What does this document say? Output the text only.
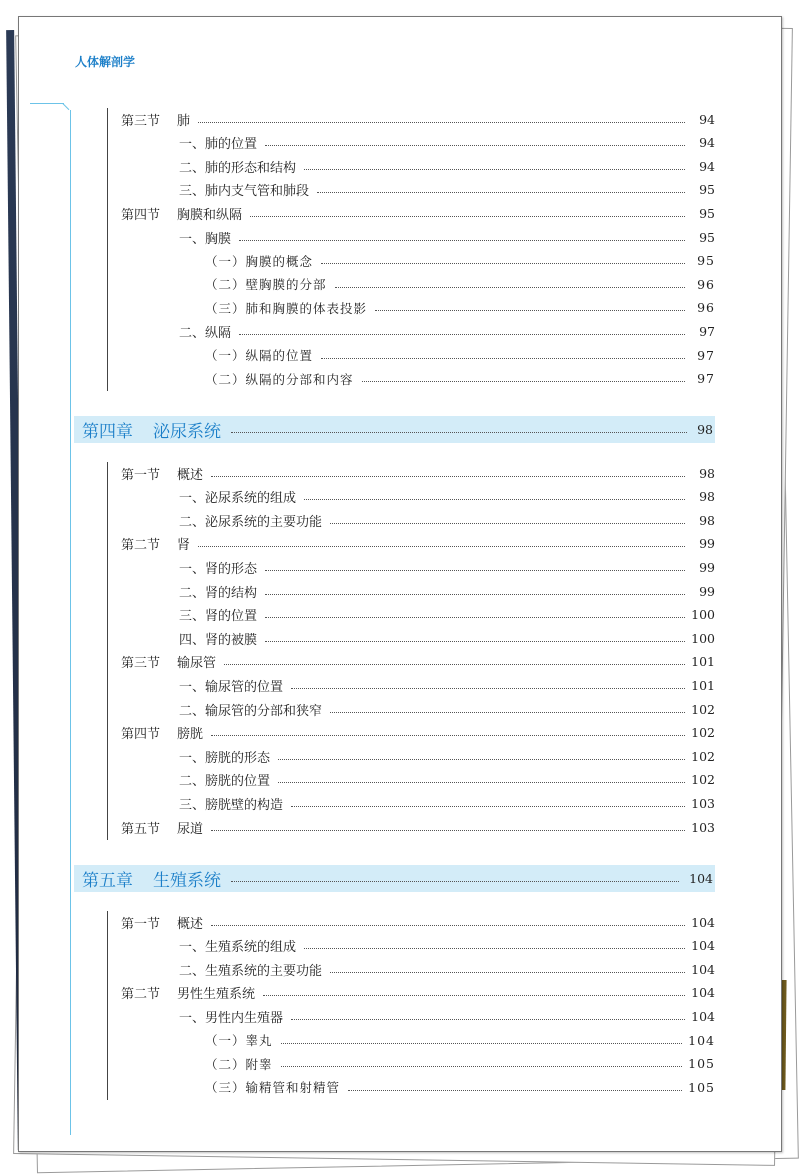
人体解剖学
第三节 肺	94
一、肺的位置	94
二、肺的形态和结构	94
三、肺内支气管和肺段	95
第四节 胸膜和纵隔	95
一、胸膜	95
（一）胸膜的概念	95
（二）壁胸膜的分部	96
（三）肺和胸膜的体表投影	96
二、纵隔	97
（一）纵隔的位置	97
（二）纵隔的分部和内容	97
第四章 泌尿系统	98
第一节 概述	98
一、泌尿系统的组成	98
二、泌尿系统的主要功能	98
第二节 肾	99
一、肾的形态	99
二、肾的结构	99
三、肾的位置	100
四、肾的被膜	100
第三节 输尿管	101
一、输尿管的位置	101
二、输尿管的分部和狭窄	102
第四节 膀胱	102
一、膀胱的形态	102
二、膀胱的位置	102
三、膀胱壁的构造	103
第五节 尿道	103
第五章 生殖系统	104
第一节 概述	104
一、生殖系统的组成	104
二、生殖系统的主要功能	104
第二节 男性生殖系统	104
一、男性内生殖器	104
（一）睾丸	104
（二）附睾	105
（三）输精管和射精管	105
